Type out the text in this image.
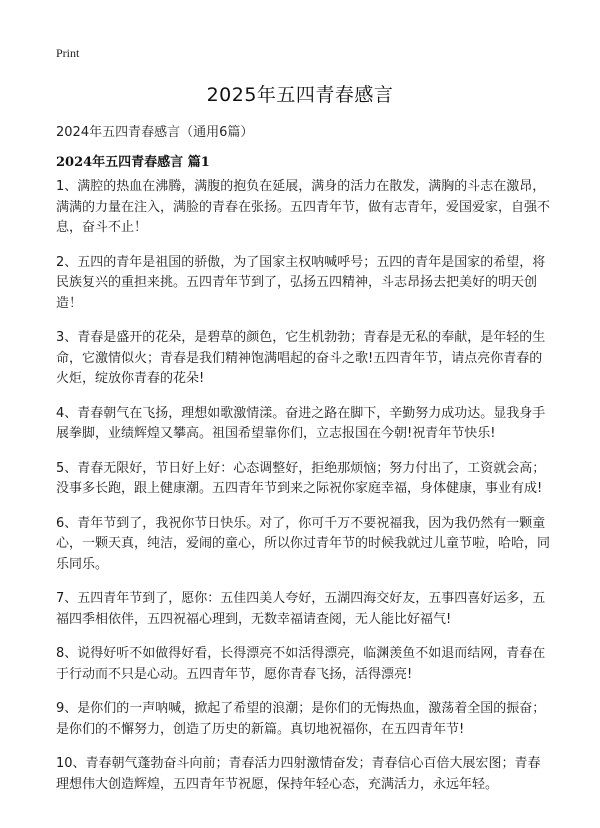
Print
2025年五四青春感言
2024年五四青春感言（通用6篇）
2024年五四青春感言 篇1

1、满腔的热血在沸腾，满腹的抱负在延展，满身的活力在散发，满胸的斗志在激昂，满满的力量在注入，满脸的青春在张扬。五四青年节，做有志青年，爱国爱家，自强不息，奋斗不止！

2、五四的青年是祖国的骄傲，为了国家主权呐喊呼号；五四的青年是国家的希望，将民族复兴的重担来挑。五四青年节到了，弘扬五四精神，斗志昂扬去把美好的明天创造！

3、青春是盛开的花朵，是碧草的颜色，它生机勃勃；青春是无私的奉献，是年轻的生命，它激情似火；青春是我们精神饱满唱起的奋斗之歌!五四青年节，请点亮你青春的火炬，绽放你青春的花朵!

4、青春朝气在飞扬，理想如歌激情漾。奋进之路在脚下，辛勤努力成功达。显我身手展拳脚，业绩辉煌又攀高。祖国希望靠你们，立志报国在今朝!祝青年节快乐!

5、青春无限好，节日好上好：心态调整好，拒绝那烦恼；努力付出了，工资就会高；没事多长跑，跟上健康潮。五四青年节到来之际祝你家庭幸福，身体健康，事业有成!

6、青年节到了，我祝你节日快乐。对了，你可千万不要祝福我，因为我仍然有一颗童心，一颗天真，纯洁，爱闹的童心，所以你过青年节的时候我就过儿童节啦，哈哈，同乐同乐。

7、五四青年节到了，愿你：五佳四美人夸好，五湖四海交好友，五事四喜好运多，五福四季相依伴，五四祝福心理到，无数幸福请查阅，无人能比好福气!

8、说得好听不如做得好看，长得漂亮不如活得漂亮，临渊羡鱼不如退而结网，青春在于行动而不只是心动。五四青年节，愿你青春飞扬，活得漂亮!

9、是你们的一声呐喊，掀起了希望的浪潮；是你们的无悔热血，激荡着全国的振奋；是你们的不懈努力，创造了历史的新篇。真切地祝福你，在五四青年节!

10、青春朝气蓬勃奋斗向前；青春活力四射激情奋发；青春信心百倍大展宏图；青春理想伟大创造辉煌，五四青年节祝愿，保持年轻心态，充满活力，永远年轻。
